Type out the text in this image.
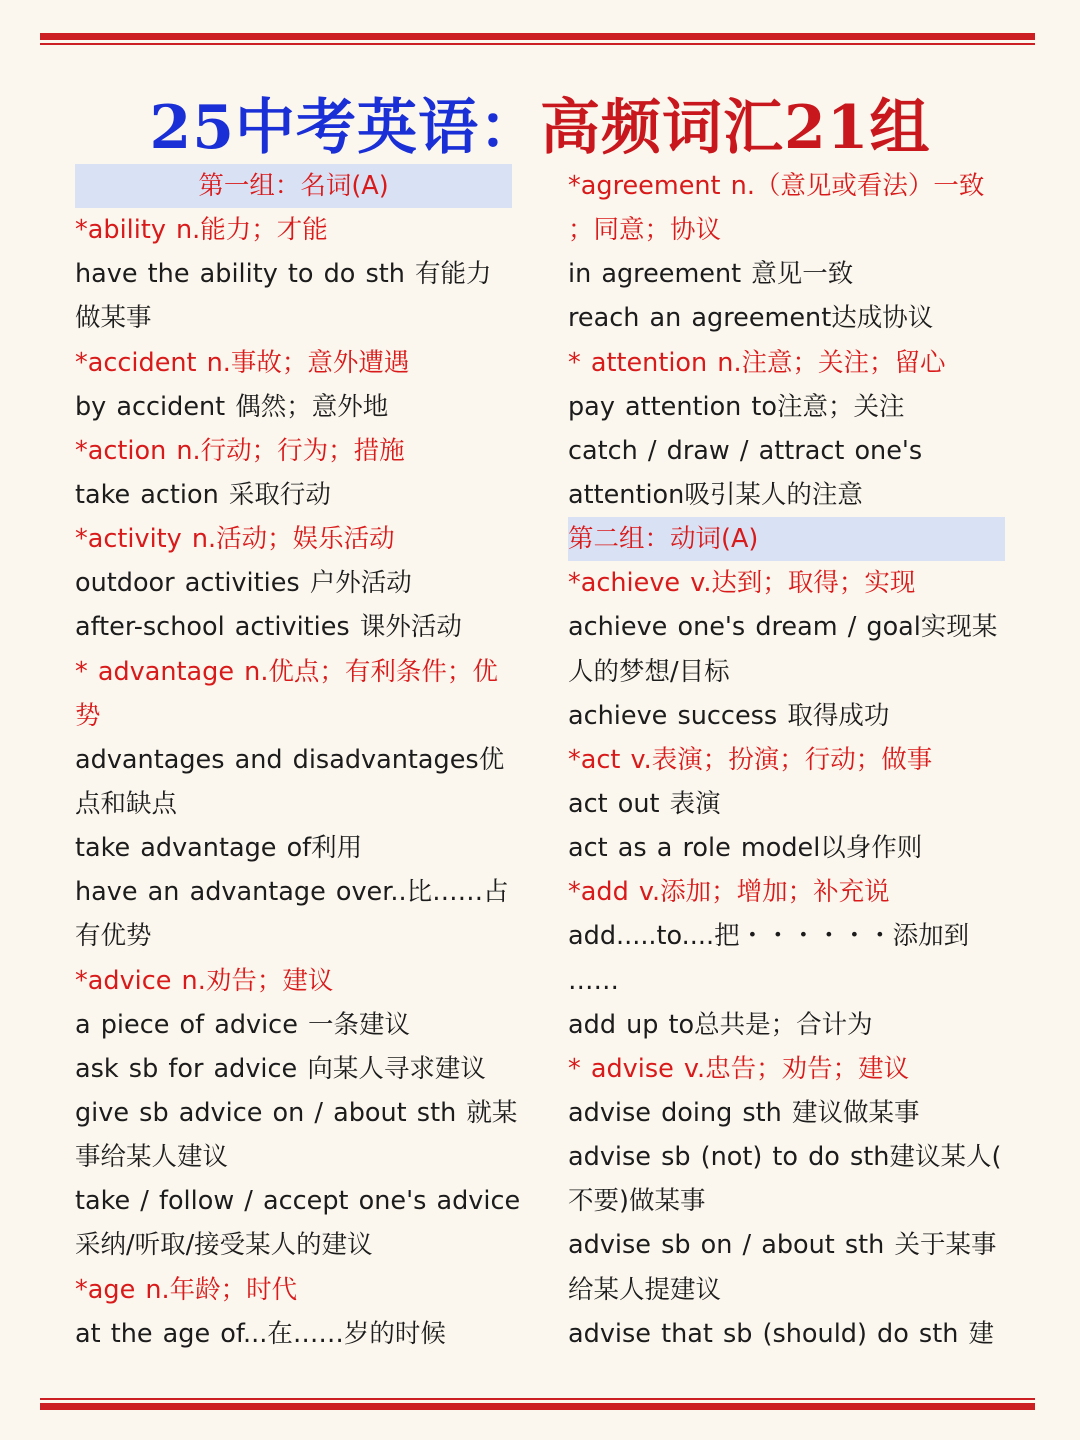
25中考英语：高频词汇21组
第一组：名词(A)
*ability n.能力；才能
have the ability to do sth 有能力
做某事
*accident n.事故；意外遭遇
by accident 偶然；意外地
*action n.行动；行为；措施
take action 采取行动
*activity n.活动；娱乐活动
outdoor activities 户外活动
after-school activities 课外活动
* advantage n.优点；有利条件；优
势
advantages and disadvantages优
点和缺点
take advantage of利用
have an advantage over..比……占
有优势
*advice n.劝告；建议
a piece of advice 一条建议
ask sb for advice 向某人寻求建议
give sb advice on / about sth 就某
事给某人建议
take / follow / accept one's advice
采纳/听取/接受某人的建议
*age n.年龄；时代
at the age of...在……岁的时候
*agreement n.（意见或看法）一致
；同意；协议
in agreement 意见一致
reach an agreement达成协议
* attention n.注意；关注；留心
pay attention to注意；关注
catch / draw / attract one's
attention吸引某人的注意
第二组：动词(A)
*achieve v.达到；取得；实现
achieve one's dream / goal实现某
人的梦想/目标
achieve success 取得成功
*act v.表演；扮演；行动；做事
act out 表演
act as a role model以身作则
*add v.添加；增加；补充说
add.....to....把・・・・・・添加到
……
add up to总共是；合计为
* advise v.忠告；劝告；建议
advise doing sth 建议做某事
advise sb (not) to do sth建议某人(
不要)做某事
advise sb on / about sth 关于某事
给某人提建议
advise that sb (should) do sth 建
